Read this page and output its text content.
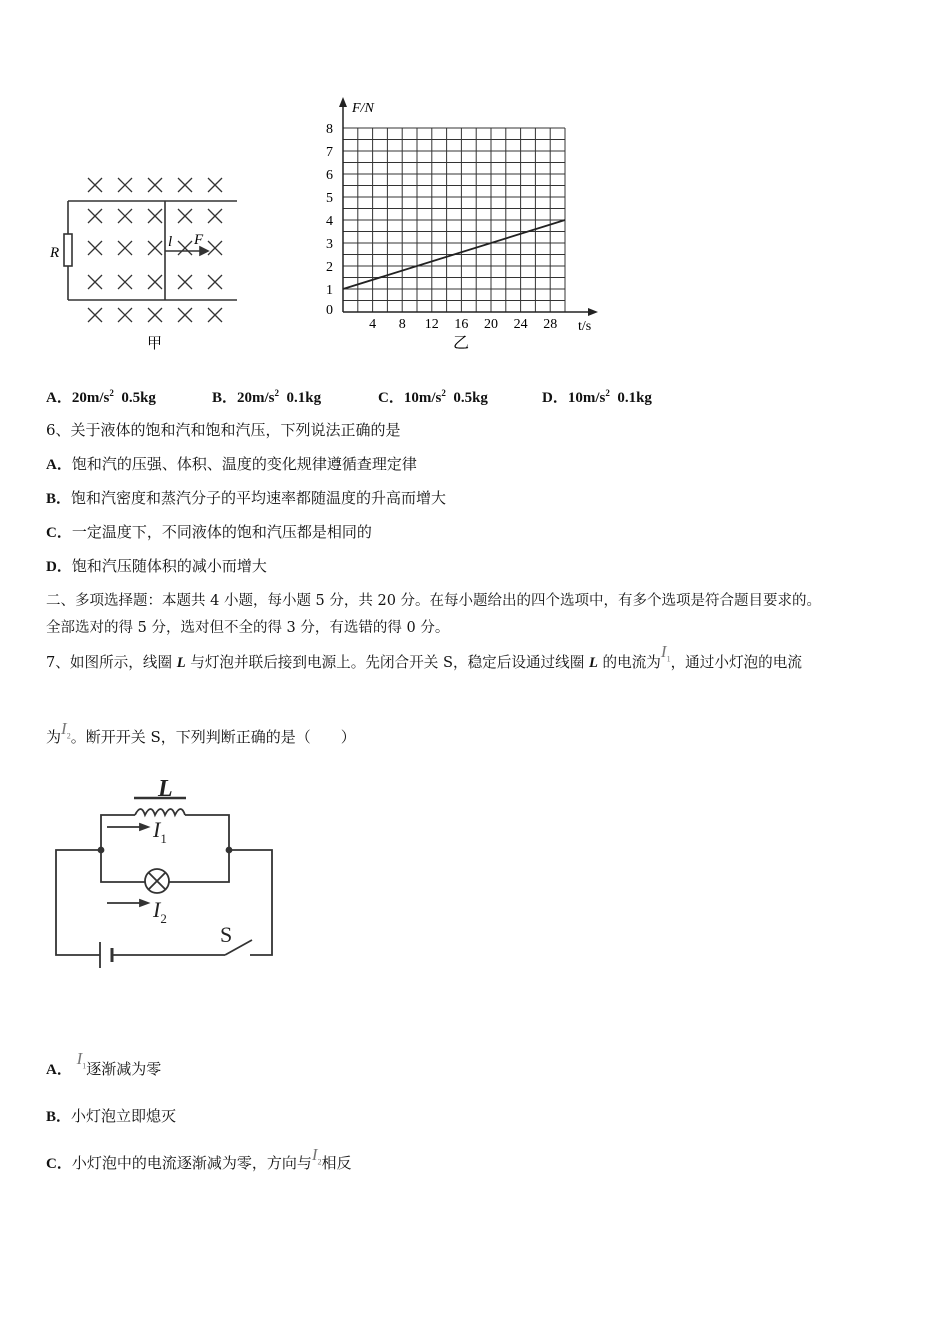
R
l F
甲
0
1
2
3
4
5
6
7
8
4 8 12 16 20 24 28
F/N
t/s
乙
A．$20m/s^2$ 0.5kg	B．$20m/s^2$ 0.1kg	C．$10m/s^2$ 0.5kg	D．$10m/s^2$ 0.1kg
6、关于液体的饱和汽和饱和汽压，下列说法正确的是
A．饱和汽的压强、体积、温度的变化规律遵循查理定律
B．饱和汽密度和蒸汽分子的平均速率都随温度的升高而增大
C．一定温度下，不同液体的饱和汽压都是相同的
D．饱和汽压随体积的减小而增大
二、多项选择题：本题共 4 小题，每小题 5 分，共 20 分。在每小题给出的四个选项中，有多个选项是符合题目要求的。
全部选对的得 5 分，选对但不全的得 3 分，有选错的得 0 分。
7、如图所示，线圈 L 与灯泡并联后接到电源上。先闭合开关 S，稳定后设通过线圈 L 的电流为$I_1$，通过小灯泡的电流
为$I_2$。断开开关 S，下列判断正确的是（　　）
L
$I_1$
$I_2$
S
A． $I_1$逐渐减为零
B．小灯泡立即熄灭
C．小灯泡中的电流逐渐减为零，方向与$I_2$相反
